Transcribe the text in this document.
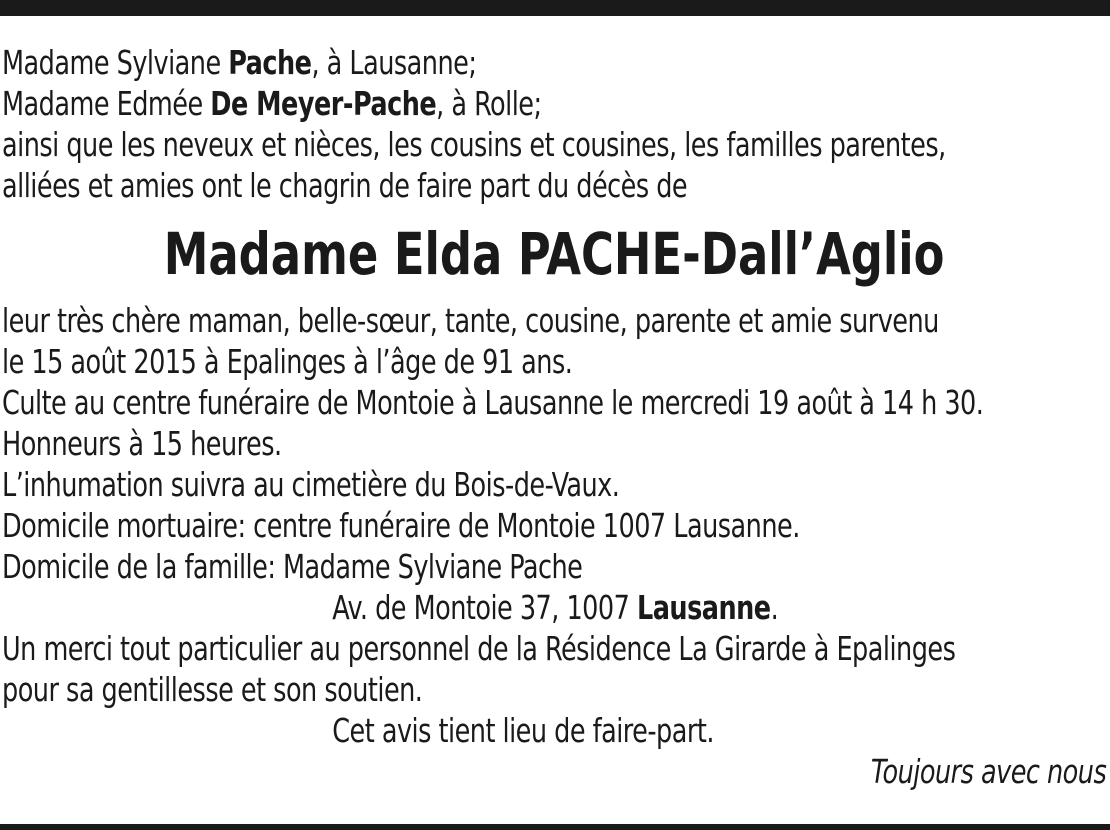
Madame Sylviane Pache, à Lausanne;
Madame Edmée De Meyer-Pache, à Rolle;
ainsi que les neveux et nièces, les cousins et cousines, les familles parentes,
alliées et amies ont le chagrin de faire part du décès de
Madame Elda PACHE-Dall’Aglio
leur très chère maman, belle-sœur, tante, cousine, parente et amie survenu
le 15 août 2015 à Epalinges à l’âge de 91 ans.
Culte au centre funéraire de Montoie à Lausanne le mercredi 19 août à 14 h 30.
Honneurs à 15 heures.
L’inhumation suivra au cimetière du Bois-de-Vaux.
Domicile mortuaire: centre funéraire de Montoie 1007 Lausanne.
Domicile de la famille: Madame Sylviane Pache
Av. de Montoie 37, 1007 Lausanne.
Un merci tout particulier au personnel de la Résidence La Girarde à Epalinges
pour sa gentillesse et son soutien.
Cet avis tient lieu de faire-part.
Toujours avec nous
